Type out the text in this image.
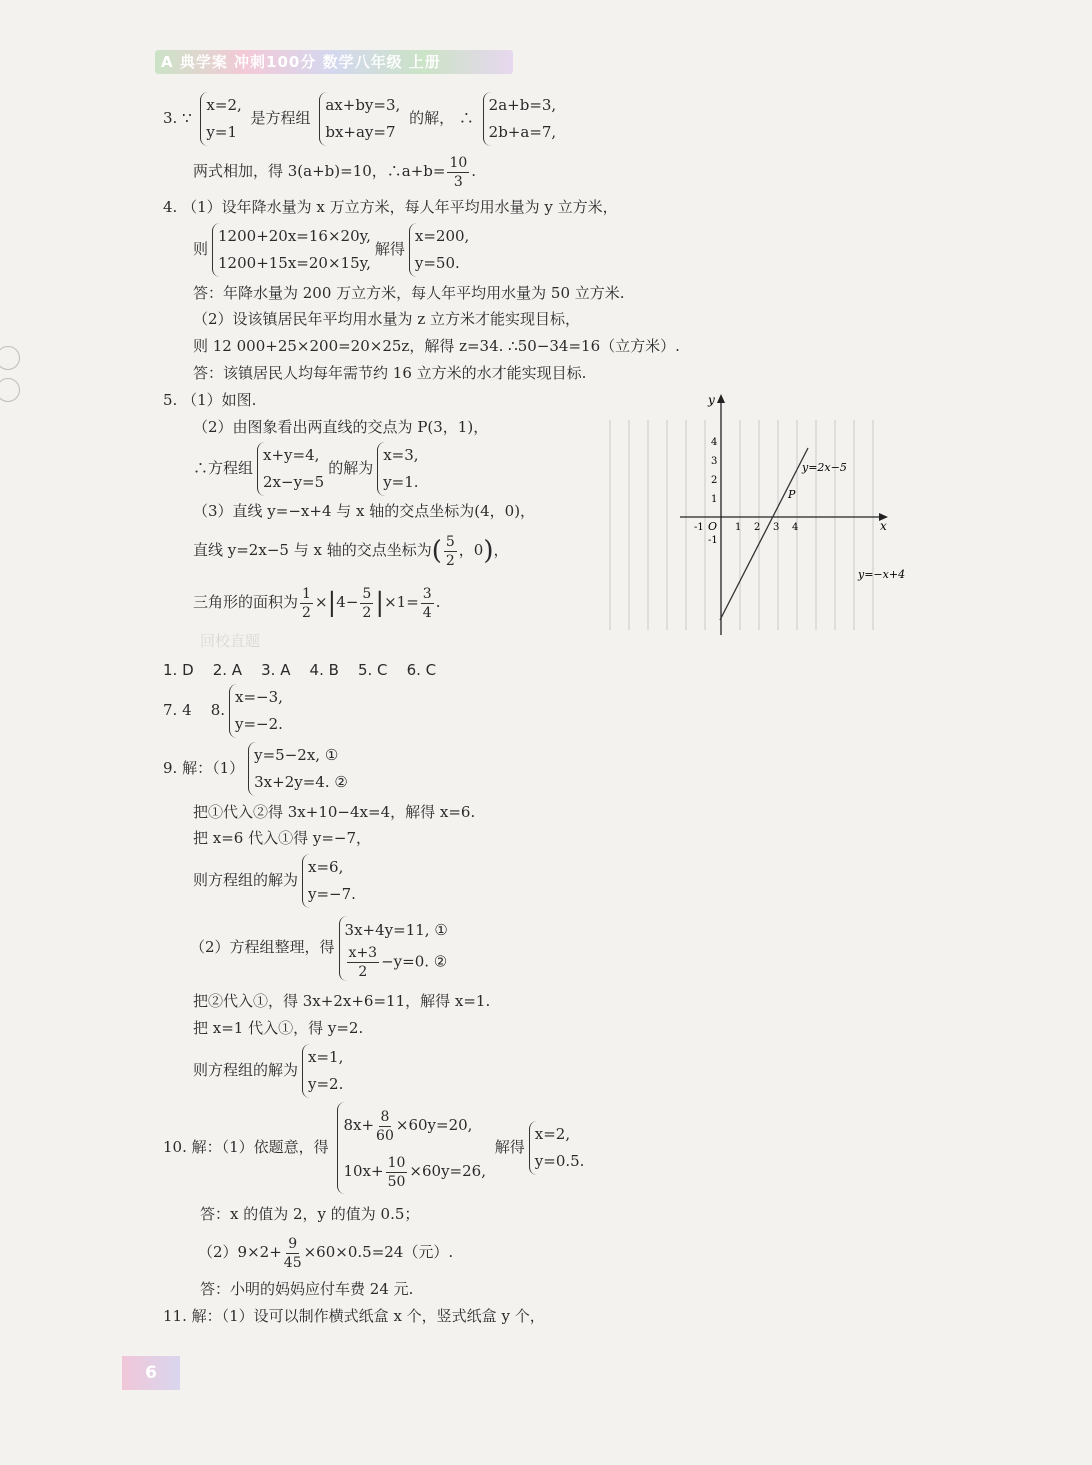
A 典学案 冲刺100分 数学八年级 上册
3. ∵
x=2,
y=1
是方程组
ax+by=3,
bx+ay=7
的解， ∴
2a+b=3,
2b+a=7,
两式相加，得 3(a+b)=10，∴a+b= $\frac{10}{3}$ .
4. （1）设年降水量为 x 万立方米，每人年平均用水量为 y 立方米，
则
1200+20x=16×20y,
1200+15x=20×15y,
解得
x=200,
y=50.
答：年降水量为 200 万立方米，每人年平均用水量为 50 立方米.
（2）设该镇居民年平均用水量为 z 立方米才能实现目标，
则 12 000+25×200=20×25z，解得 z=34. ∴50−34=16（立方米）.
答：该镇居民人均每年需节约 16 立方米的水才能实现目标.
5. （1）如图.
（2）由图象看出两直线的交点为 P(3，1)，
∴方程组
x+y=4,
2x−y=5
的解为
x=3,
y=1.
（3）直线 y=−x+4 与 x 轴的交点坐标为(4，0)，
直线 y=2x−5 与 x 轴的交点坐标为( $\frac{5}{2}$ ，0)，
三角形的面积为 $\frac{1}{2} \times|4- \frac{5}{2} |\times 1= \frac{3}{4}$ .
y
x
O
4
3
2
1
-1
-1	1 2 3 4
y=2x−5
P
y=−x+4
回校直题
1. D    2. A    3. A    4. B    5. C    6. C
7. 4 8.
x=−3,
y=−2.
9. 解：（1）
y=5−2x, ①
3x+2y=4. ②
把①代入②得 3x+10−4x=4，解得 x=6.
把 x=6 代入①得 y=−7，
则方程组的解为
x=6,
y=−7.
（2）方程组整理，得
3x+4y=11, ①
$\frac{x+3}{2} -y=0$. ②
把②代入①，得 3x+2x+6=11，解得 x=1.
把 x=1 代入①，得 y=2.
则方程组的解为
x=1,
y=2.
10. 解：（1）依题意，得
$8x+ \frac{8}{60} \times 60y=20$,
$10x+ \frac{10}{50} \times 60y=26$,
解得
x=2,
y=0.5.
答：x 的值为 2，y 的值为 0.5；
$(2)9\times 2+ \frac{9}{45} \times 60\times 0.5=24$（元）.
答：小明的妈妈应付车费 24 元.
11. 解：（1）设可以制作横式纸盒 x 个，竖式纸盒 y 个，
6
